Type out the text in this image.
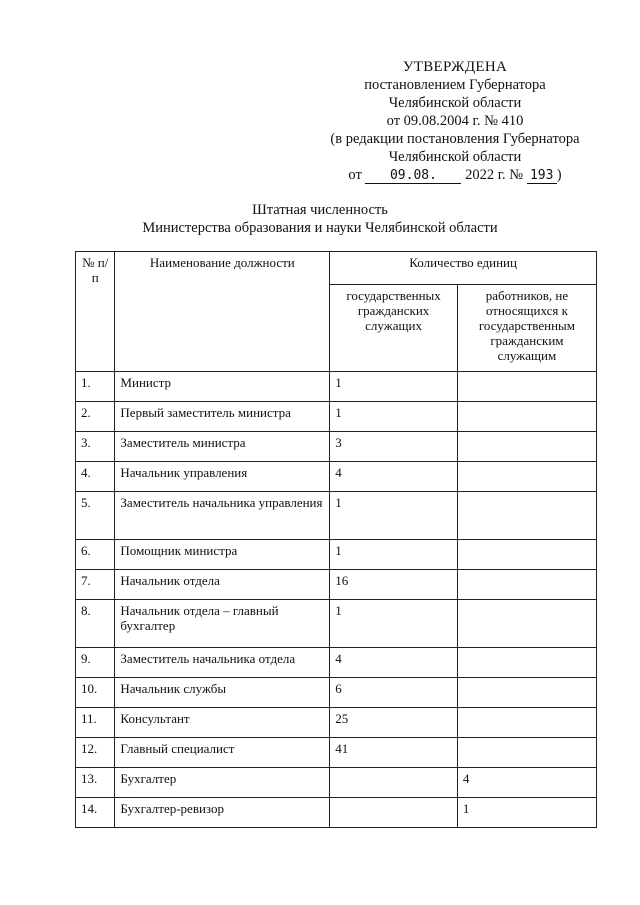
УТВЕРЖДЕНА
постановлением Губернатора
Челябинской области
от 09.08.2004 г. № 410
(в редакции постановления Губернатора
Челябинской области
от 09.08. 2022 г. № 193 )
Штатная численность
Министерства образования и науки Челябинской области
№ п/п	Наименование должности	Количество единиц	
		государственных гражданских служащих	работников, не относящихся к государственным гражданским служащим
1.	Министр	1	
2.	Первый заместитель министра	1	
3.	Заместитель министра	3	
4.	Начальник управления	4	
5.	Заместитель начальника управления	1	
6.	Помощник министра	1	
7.	Начальник отдела	16	
8.	Начальник отдела – главный бухгалтер	1	
9.	Заместитель начальника отдела	4	
10.	Начальник службы	6	
11.	Консультант	25	
12.	Главный специалист	41	
13.	Бухгалтер		4
14.	Бухгалтер-ревизор		1
